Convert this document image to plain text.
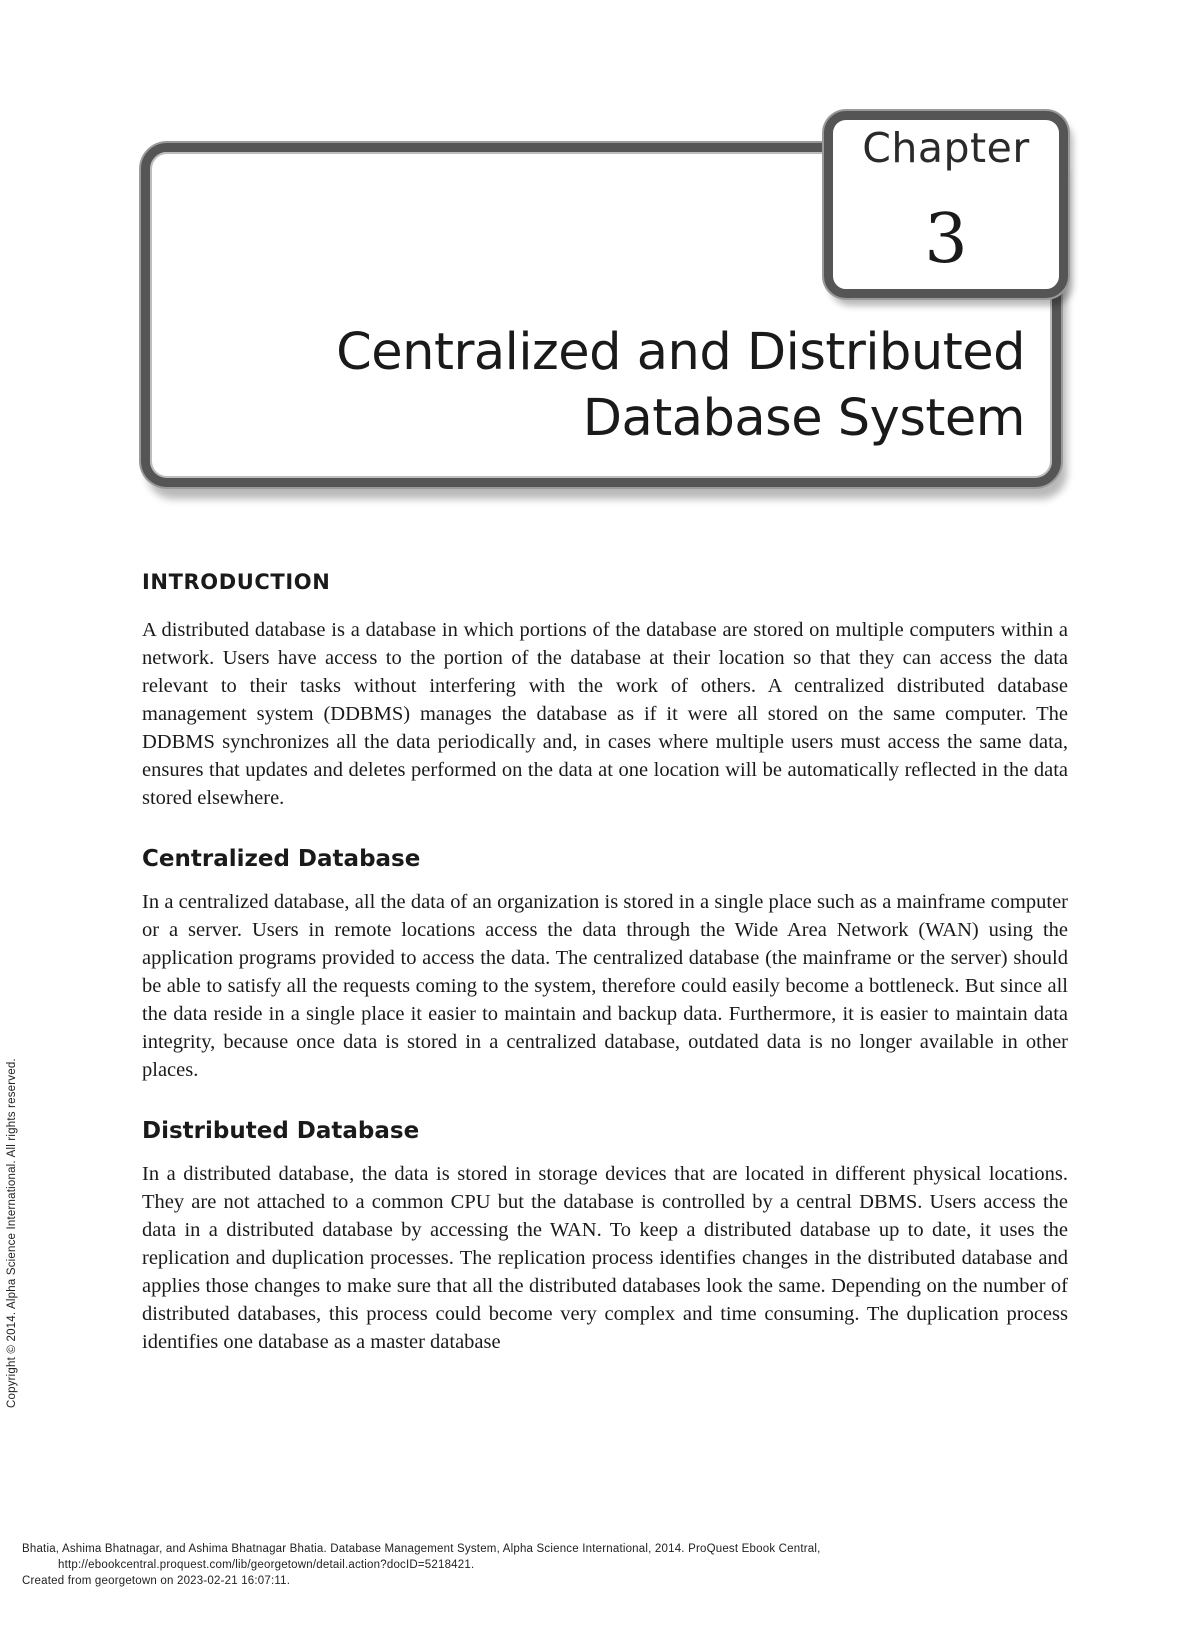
Chapter
3
Centralized and Distributed
Database System
INTRODUCTION

A distributed database is a database in which portions of the database are stored on multiple computers within a network. Users have access to the portion of the database at their location so that they can access the data relevant to their tasks without interfering with the work of others. A centralized distributed database management system (DDBMS) manages the database as if it were all stored on the same computer. The DDBMS synchronizes all the data periodically and, in cases where multiple users must access the same data, ensures that updates and deletes performed on the data at one location will be automatically reflected in the data stored elsewhere.

Centralized Database

In a centralized database, all the data of an organization is stored in a single place such as a mainframe computer or a server. Users in remote locations access the data through the Wide Area Network (WAN) using the application programs provided to access the data. The centralized database (the mainframe or the server) should be able to satisfy all the requests coming to the system, therefore could easily become a bottleneck. But since all the data reside in a single place it easier to maintain and backup data. Furthermore, it is easier to maintain data integrity, because once data is stored in a centralized database, outdated data is no longer available in other places.

Distributed Database

In a distributed database, the data is stored in storage devices that are located in different physical locations. They are not attached to a common CPU but the database is controlled by a central DBMS. Users access the data in a distributed database by accessing the WAN. To keep a distributed database up to date, it uses the replication and duplication processes. The replication process identifies changes in the distributed database and applies those changes to make sure that all the distributed databases look the same. Depending on the number of distributed databases, this process could become very complex and time consuming. The duplication process identifies one database as a master database

Copyright © 2014. Alpha Science International. All rights reserved.
Bhatia, Ashima Bhatnagar, and Ashima Bhatnagar Bhatia. Database Management System, Alpha Science International, 2014. ProQuest Ebook Central,
http://ebookcentral.proquest.com/lib/georgetown/detail.action?docID=5218421.
Created from georgetown on 2023-02-21 16:07:11.
